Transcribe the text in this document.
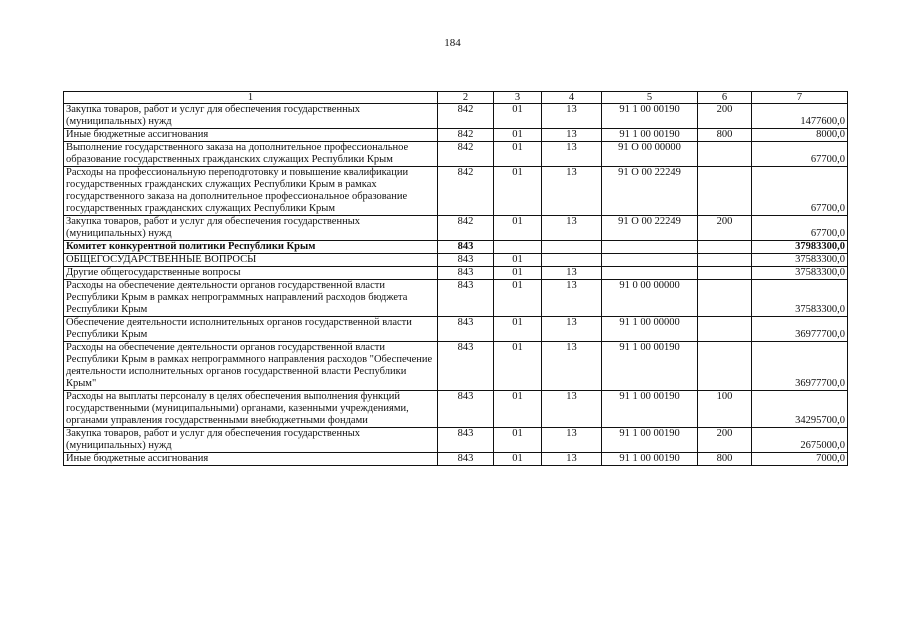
184
1	2	3	4	5	6	7
Закупка товаров, работ и услуг для обеспечения государственных (муниципальных) нужд	842	01	13	91 1 00 00190	200	1477600,0
Иные бюджетные ассигнования	842	01	13	91 1 00 00190	800	8000,0
Выполнение государственного заказа на дополнительное профессиональное образование государственных гражданских служащих Республики Крым	842	01	13	91 О 00 00000		67700,0
Расходы на профессиональную переподготовку и повышение квалификации государственных гражданских служащих Республики Крым в рамках государственного заказа на дополнительное профессиональное образование государственных гражданских служащих Республики Крым	842	01	13	91 О 00 22249		67700,0
Закупка товаров, работ и услуг для обеспечения государственных (муниципальных) нужд	842	01	13	91 О 00 22249	200	67700,0
Комитет конкурентной политики Республики Крым	843					37983300,0
ОБЩЕГОСУДАРСТВЕННЫЕ ВОПРОСЫ	843	01				37583300,0
Другие общегосударственные вопросы	843	01	13			37583300,0
Расходы на обеспечение деятельности органов государственной власти Республики Крым в рамках непрограммных направлений расходов бюджета Республики Крым	843	01	13	91 0 00 00000		37583300,0
Обеспечение деятельности исполнительных органов государственной власти Республики Крым	843	01	13	91 1 00 00000		36977700,0
Расходы на обеспечение деятельности органов государственной власти Республики Крым в рамках непрограммного направления расходов "Обеспечение деятельности исполнительных органов государственной власти Республики Крым"	843	01	13	91 1 00 00190		36977700,0
Расходы на выплаты персоналу в целях обеспечения выполнения функций государственными (муниципальными) органами, казенными учреждениями, органами управления государственными внебюджетными фондами	843	01	13	91 1 00 00190	100	34295700,0
Закупка товаров, работ и услуг для обеспечения государственных (муниципальных) нужд	843	01	13	91 1 00 00190	200	2675000,0
Иные бюджетные ассигнования	843	01	13	91 1 00 00190	800	7000,0
